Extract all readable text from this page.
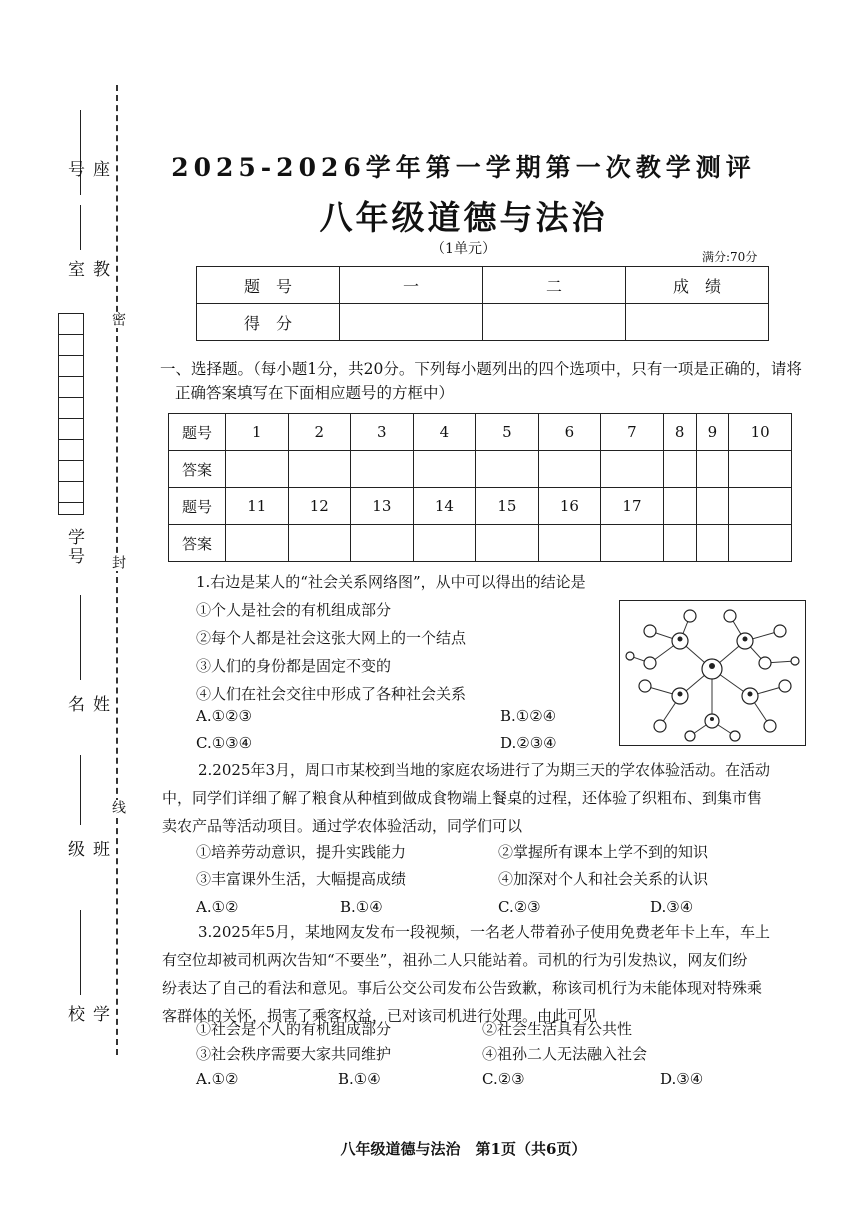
座号
教室
学号
姓名
班级
学校
密
封
线
2025-2026学年第一学期第一次教学测评
八年级道德与法治
（1单元）	满分:70分
题　号	一	二	成　绩
得　分			
一、选择题。（每小题1分，共20分。下列每小题列出的四个选项中，只有一项是正确的，请将
正确答案填写在下面相应题号的方框中）
题号	1	2	3	4	5	6	7	8	9	10
答案										
题号	11	12	13	14	15	16	17			
答案										
1.右边是某人的“社会关系网络图”，从中可以得出的结论是
①个人是社会的有机组成部分
②每个人都是社会这张大网上的一个结点
③人们的身份都是固定不变的
④人们在社会交往中形成了各种社会关系
A.①②③	B.①②④
C.①③④	D.②③④
2.2025年3月，周口市某校到当地的家庭农场进行了为期三天的学农体验活动。在活动
中，同学们详细了解了粮食从种植到做成食物端上餐桌的过程，还体验了织粗布、到集市售
卖农产品等活动项目。通过学农体验活动，同学们可以
①培养劳动意识，提升实践能力	②掌握所有课本上学不到的知识
③丰富课外生活，大幅提高成绩	④加深对个人和社会关系的认识
A.①②	B.①④	C.②③	D.③④
3.2025年5月，某地网友发布一段视频，一名老人带着孙子使用免费老年卡上车，车上
有空位却被司机两次告知“不要坐”，祖孙二人只能站着。司机的行为引发热议，网友们纷
纷表达了自己的看法和意见。事后公交公司发布公告致歉，称该司机行为未能体现对特殊乘
客群体的关怀，损害了乘客权益，已对该司机进行处理。由此可见
①社会是个人的有机组成部分	②社会生活具有公共性
③社会秩序需要大家共同维护	④祖孙二人无法融入社会
A.①②	B.①④	C.②③	D.③④
八年级道德与法治　第1页（共6页）
